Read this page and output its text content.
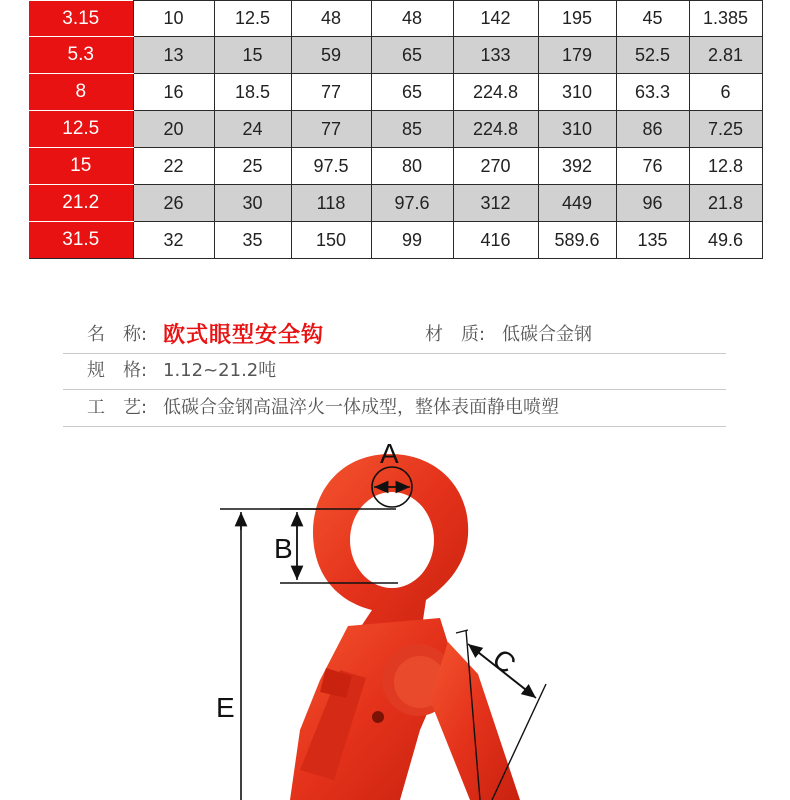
3.15	10	12.5	48	48	142	195	45	1.385
5.3	13	15	59	65	133	179	52.5	2.81
8	16	18.5	77	65	224.8	310	63.3	6
12.5	20	24	77	85	224.8	310	86	7.25
15	22	25	97.5	80	270	392	76	12.8
21.2	26	30	118	97.6	312	449	96	21.8
31.5	32	35	150	99	416	589.6	135	49.6
名 称: 欧式眼型安全钩	材 质: 低碳合金钢
规 格: 1.12~21.2吨
工 艺: 低碳合金钢高温淬火一体成型，整体表面静电喷塑
A
B
E
C
